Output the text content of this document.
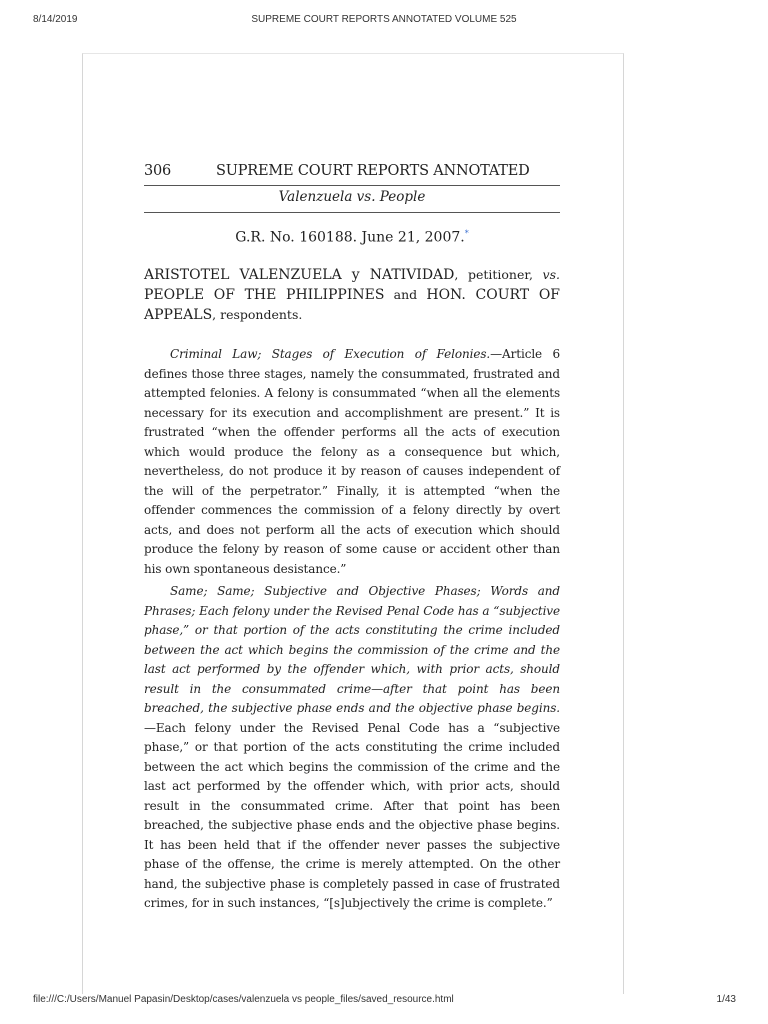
8/14/2019	SUPREME COURT REPORTS ANNOTATED VOLUME 525
306	SUPREME COURT REPORTS ANNOTATED
Valenzuela vs. People
G.R. No. 160188. June 21, 2007.*
ARISTOTEL VALENZUELA y NATIVIDAD, petitioner, vs. PEOPLE OF THE PHILIPPINES and HON. COURT OF APPEALS, respondents.

Criminal Law; Stages of Execution of Felonies.—Article 6 defines those three stages, namely the consummated, frustrated and attempted felonies. A felony is consummated “when all the elements necessary for its execution and accomplishment are present.” It is frustrated “when the offender performs all the acts of execution which would produce the felony as a consequence but which, nevertheless, do not produce it by reason of causes independent of the will of the perpetrator.” Finally, it is attempted “when the offender commences the commission of a felony directly by overt acts, and does not perform all the acts of execution which should produce the felony by reason of some cause or accident other than his own spontaneous desistance.”

Same; Same; Subjective and Objective Phases; Words and Phrases; Each felony under the Revised Penal Code has a “subjective phase,” or that portion of the acts constituting the crime included between the act which begins the commission of the crime and the last act performed by the offender which, with prior acts, should result in the consummated crime—after that point has been breached, the subjective phase ends and the objective phase begins.—Each felony under the Revised Penal Code has a “subjective phase,” or that portion of the acts constituting the crime included between the act which begins the commission of the crime and the last act performed by the offender which, with prior acts, should result in the consummated crime. After that point has been breached, the subjective phase ends and the objective phase begins. It has been held that if the offender never passes the subjective phase of the offense, the crime is merely attempted. On the other hand, the subjective phase is completely passed in case of frustrated crimes, for in such instances, “[s]ubjectively the crime is complete.”

file:///C:/Users/Manuel Papasin/Desktop/cases/valenzuela vs people_files/saved_resource.html	1/43
